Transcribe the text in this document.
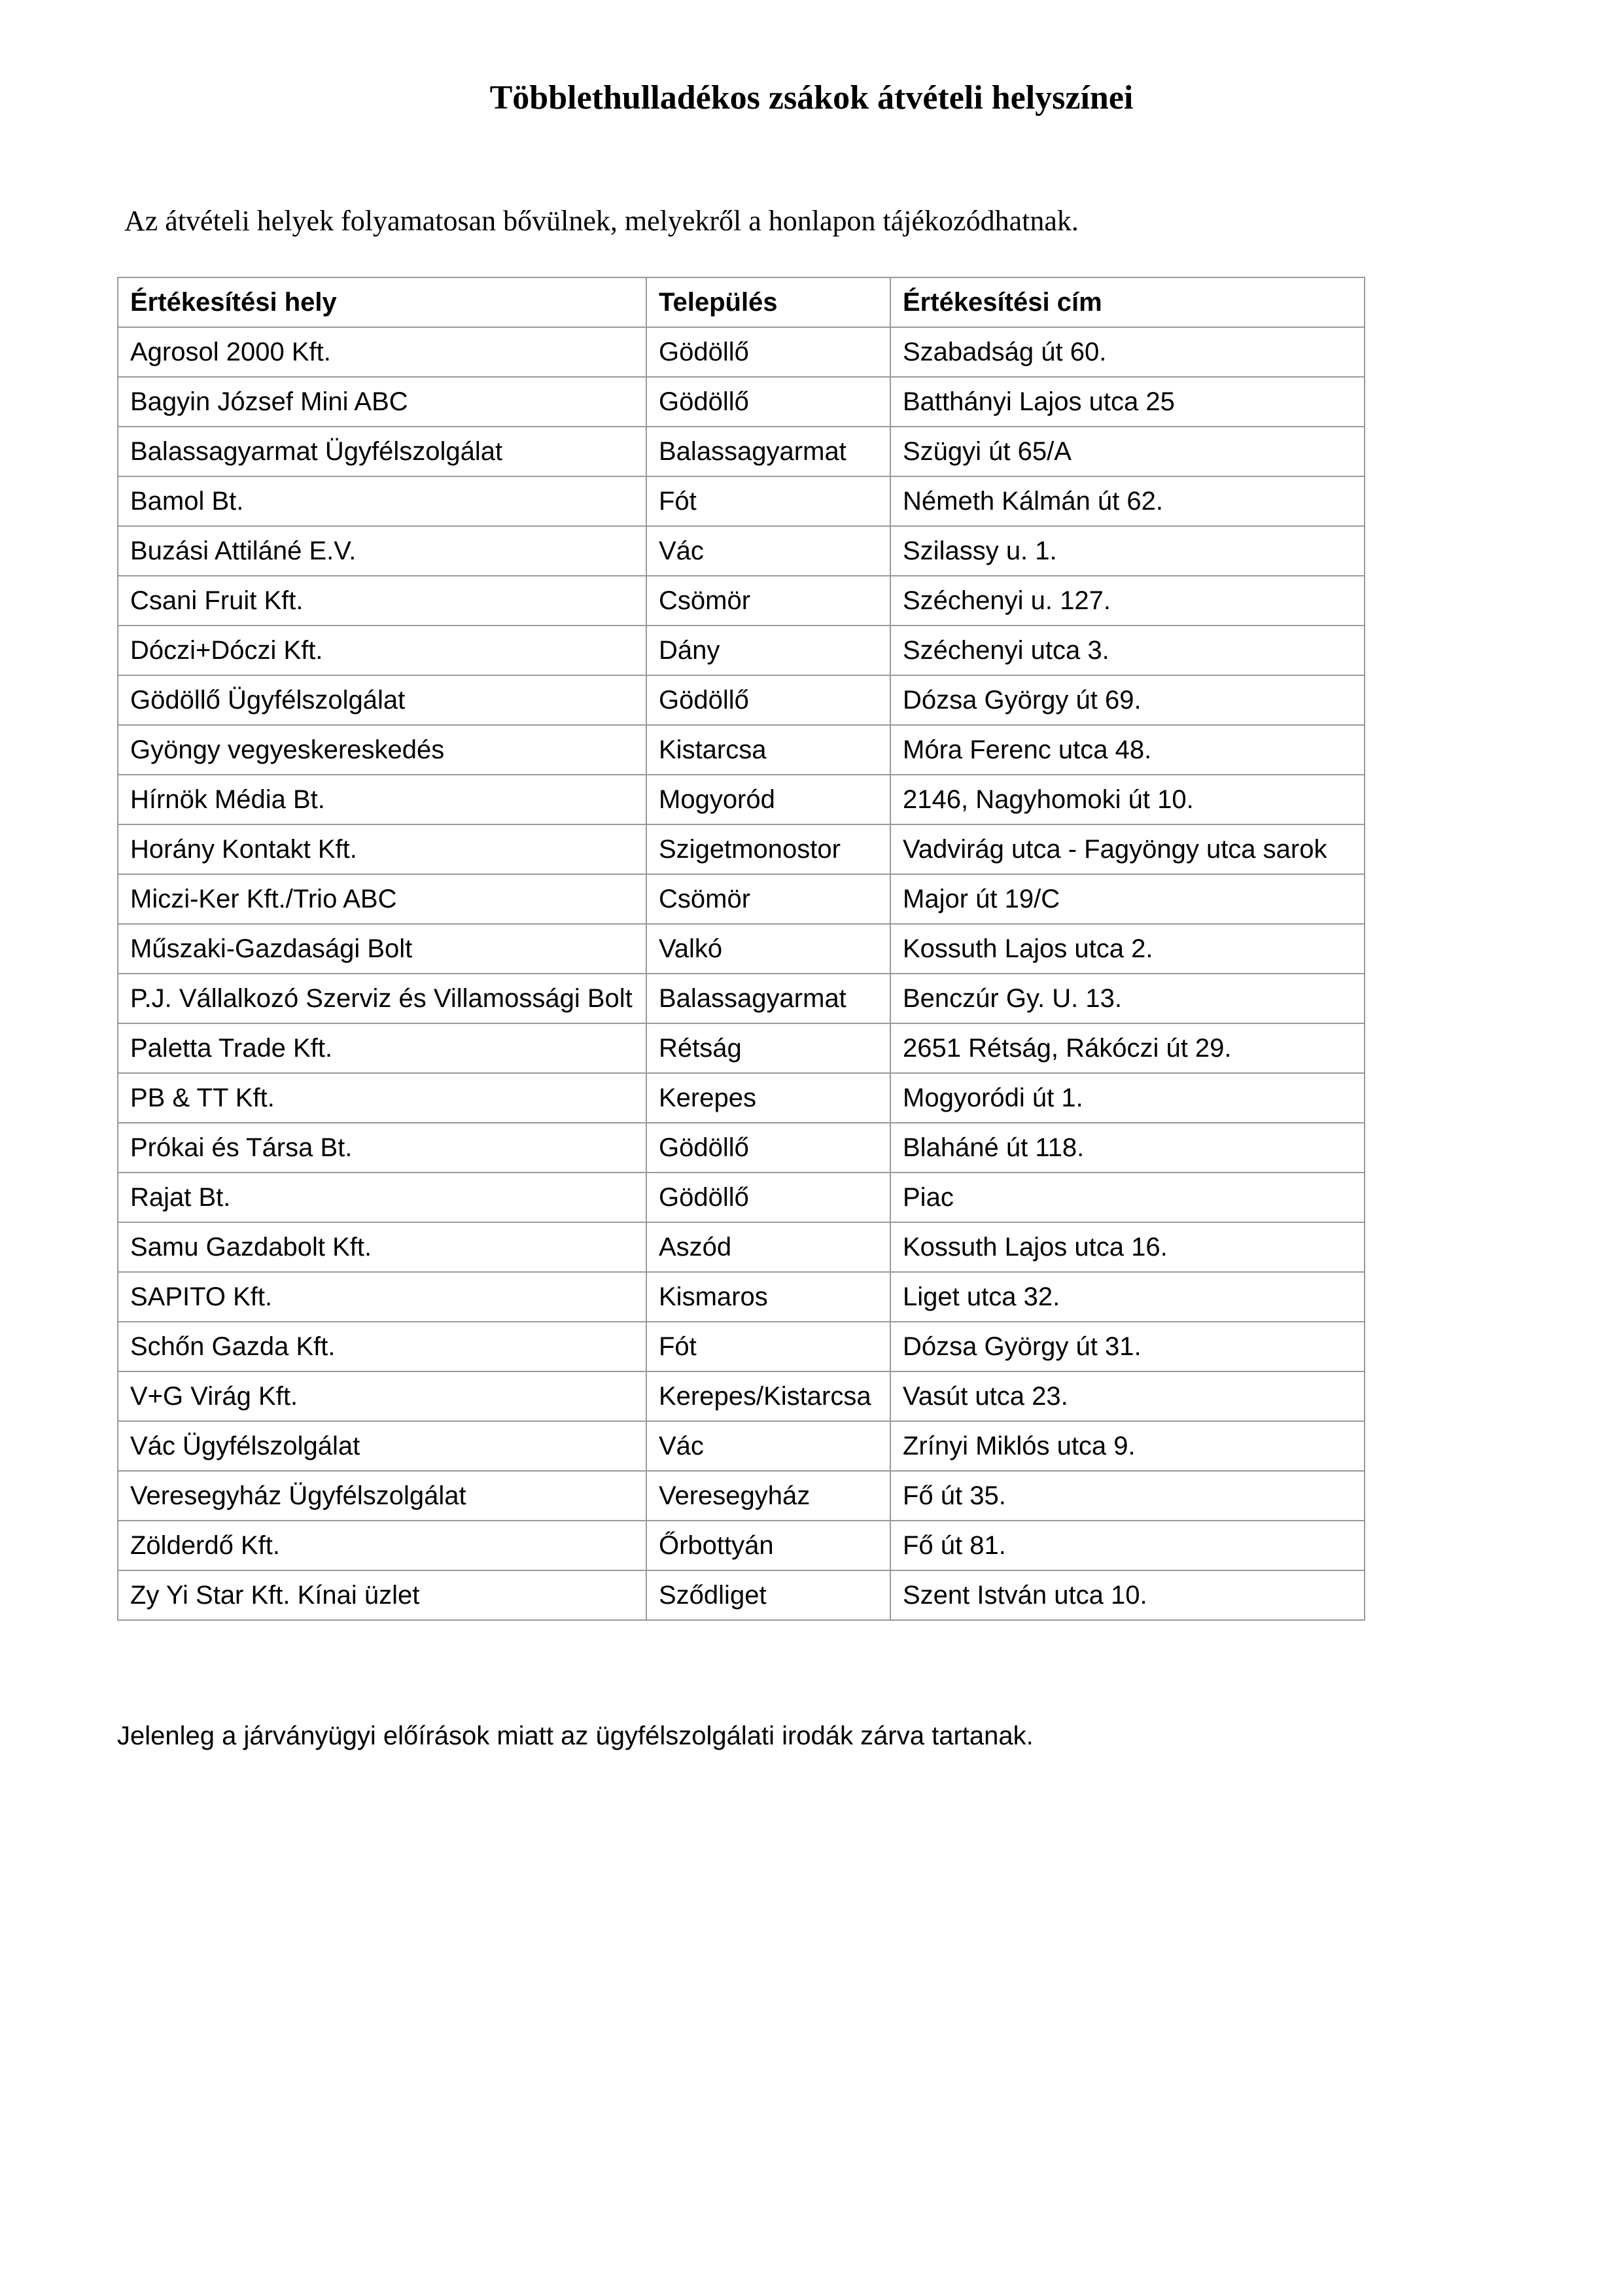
Többlethulladékos zsákok átvételi helyszínei

Az átvételi helyek folyamatosan bővülnek, melyekről a honlapon tájékozódhatnak.

Értékesítési hely	Település	Értékesítési cím
Agrosol 2000 Kft.	Gödöllő	Szabadság út 60.
Bagyin József Mini ABC	Gödöllő	Batthányi Lajos utca 25
Balassagyarmat Ügyfélszolgálat	Balassagyarmat	Szügyi út 65/A
Bamol Bt.	Fót	Németh Kálmán út 62.
Buzási Attiláné E.V.	Vác	Szilassy u. 1.
Csani Fruit Kft.	Csömör	Széchenyi u. 127.
Dóczi+Dóczi Kft.	Dány	Széchenyi utca 3.
Gödöllő Ügyfélszolgálat	Gödöllő	Dózsa György út 69.
Gyöngy vegyeskereskedés	Kistarcsa	Móra Ferenc utca 48.
Hírnök Média Bt.	Mogyoród	2146, Nagyhomoki út 10.
Horány Kontakt Kft.	Szigetmonostor	Vadvirág utca - Fagyöngy utca sarok
Miczi-Ker Kft./Trio ABC	Csömör	Major út 19/C
Műszaki-Gazdasági Bolt	Valkó	Kossuth Lajos utca 2.
P.J. Vállalkozó Szerviz és Villamossági Bolt	Balassagyarmat	Benczúr Gy. U. 13.
Paletta Trade Kft.	Rétság	2651 Rétság, Rákóczi út 29.
PB & TT Kft.	Kerepes	Mogyoródi út 1.
Prókai és Társa Bt.	Gödöllő	Blaháné út 118.
Rajat Bt.	Gödöllő	Piac
Samu Gazdabolt Kft.	Aszód	Kossuth Lajos utca 16.
SAPITO Kft.	Kismaros	Liget utca 32.
Schőn Gazda Kft.	Fót	Dózsa György út 31.
V+G Virág Kft.	Kerepes/Kistarcsa	Vasút utca 23.
Vác Ügyfélszolgálat	Vác	Zrínyi Miklós utca 9.
Veresegyház Ügyfélszolgálat	Veresegyház	Fő út 35.
Zölderdő Kft.	Őrbottyán	Fő út 81.
Zy Yi Star Kft. Kínai üzlet	Sződliget	Szent István utca 10.

Jelenleg a járványügyi előírások miatt az ügyfélszolgálati irodák zárva tartanak.
